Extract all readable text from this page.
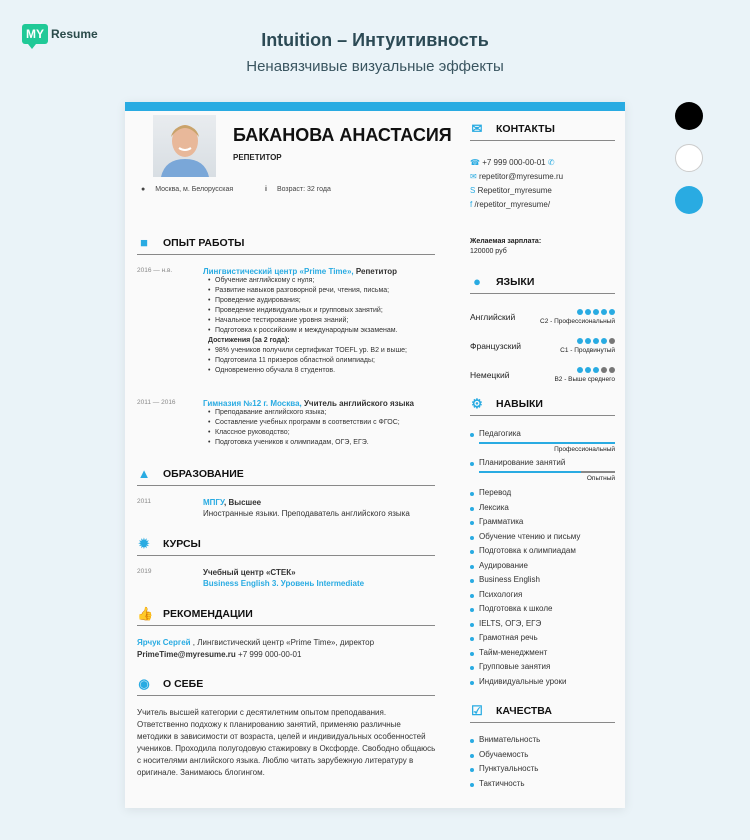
MY Resume	Intuition – Интуитивность
Ненавязчивые визуальные эффекты
БАКАНОВА АНАСТАСИЯ
РЕПЕТИТОР
● Москва, м. Белорусская	i Возраст: 32 года
■ ОПЫТ РАБОТЫ
2016 — н.в.	Лингвистический центр «Prime Time», Репетитор
• Обучение английскому с нуля;
• Развитие навыков разговорной речи, чтения, письма;
• Проведение аудирования;
• Проведение индивидуальных и групповых занятий;
• Начальное тестирование уровня знаний;
• Подготовка к российским и международным экзаменам.
Достижения (за 2 года):
• 98% учеников получили сертификат TOEFL ур. B2 и выше;
• Подготовила 11 призеров областной олимпиады;
• Одновременно обучала 8 студентов.
2011 — 2016	Гимназия №12 г. Москва, Учитель английского языка
• Преподавание английского языка;
• Составление учебных программ в соответствии с ФГОС;
• Классное руководство;
• Подготовка учеников к олимпиадам, ОГЭ, ЕГЭ.
▲ ОБРАЗОВАНИЕ
2011	МПГУ, Высшее
Иностранные языки. Преподаватель английского языка
✹ КУРСЫ
2019	Учебный центр «СТЕК»
Business English 3. Уровень Intermediate
👍 РЕКОМЕНДАЦИИ
Ярчук Сергей , Лингвистический центр «Prime Time», директор
PrimeTime@myresume.ru +7 999 000-00-01
◉ О СЕБЕ
Учитель высшей категории с десятилетним опытом преподавания. Ответственно подхожу к планированию занятий, применяю различные методики в зависимости от возраста, целей и индивидуальных особенностей учеников. Проходила полугодовую стажировку в Оксфорде. Свободно общаюсь с носителями английского языка. Люблю читать зарубежную литературу в оригинале. Занимаюсь блогингом.
✉ КОНТАКТЫ
☎ +7 999 000-00-01 ✆
✉ repetitor@myresume.ru
S Repetitor_myresume
f /repetitor_myresume/
Желаемая зарплата:
120000 руб
● ЯЗЫКИ
Английский	C2 - Профессиональный
Французский	C1 - Продвинутый
Немецкий	B2 - Выше среднего
⚙ НАВЫКИ
Педагогика
Профессиональный
Планирование занятий
Опытный
Перевод
Лексика
Грамматика
Обучение чтению и письму
Подготовка к олимпиадам
Аудирование
Business English
Психология
Подготовка к школе
IELTS, ОГЭ, ЕГЭ
Грамотная речь
Тайм-менеджмент
Групповые занятия
Индивидуальные уроки
☑ КАЧЕСТВА
Внимательность
Обучаемость
Пунктуальность
Тактичность
